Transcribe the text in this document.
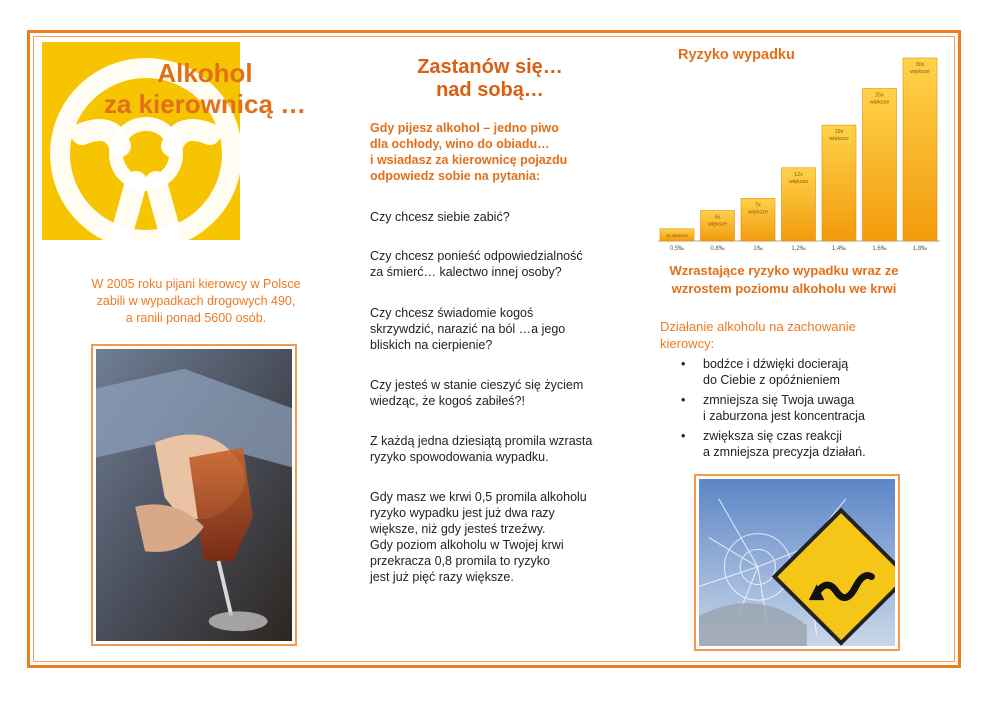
Alkohol
za kierownicą …
W 2005 roku pijani kierowcy w Polsce
zabili w wypadkach drogowych 490,
a ranili ponad 5600 osób.
Zastanów się…
nad sobą…
Gdy pijesz alkohol – jedno piwo
dla ochłody, wino do obiadu…
i wsiadasz za kierownicę pojazdu
odpowiedz sobie na pytania:
Czy chcesz siebie zabić?
Czy chcesz ponieść odpowiedzialność
za śmierć… kalectwo innej osoby?
Czy chcesz świadomie kogoś
skrzywdzić, narazić na ból …a jego
bliskich na cierpienie?
Czy jesteś w stanie cieszyć się życiem
wiedząc, że kogoś zabiłeś?!
Z każdą jedna dziesiątą promila wzrasta
ryzyko spowodowania wypadku.
Gdy masz we krwi 0,5 promila alkoholu
ryzyko wypadku jest już dwa razy
większe, niż gdy jesteś trzeźwy.
Gdy poziom alkoholu w Twojej krwi
przekracza 0,8 promila to ryzyko
jest już pięć razy większe.
2x większe
0,5‰
5x
większe
0,8‰
7x
większe
1‰
12x
większe
1,2‰
19x
większe
1,4‰
25x
większe
1,6‰
30x
większe
1,8‰
Ryzyko wypadku
Wzrastające ryzyko wypadku wraz ze
wzrostem poziomu alkoholu we krwi
Działanie alkoholu na zachowanie
kierowcy:
• bodźce i dźwięki docierają
do Ciebie z opóźnieniem
• zmniejsza się Twoja uwaga
i zaburzona jest koncentracja
• zwiększa się czas reakcji
a zmniejsza precyzja działań.
